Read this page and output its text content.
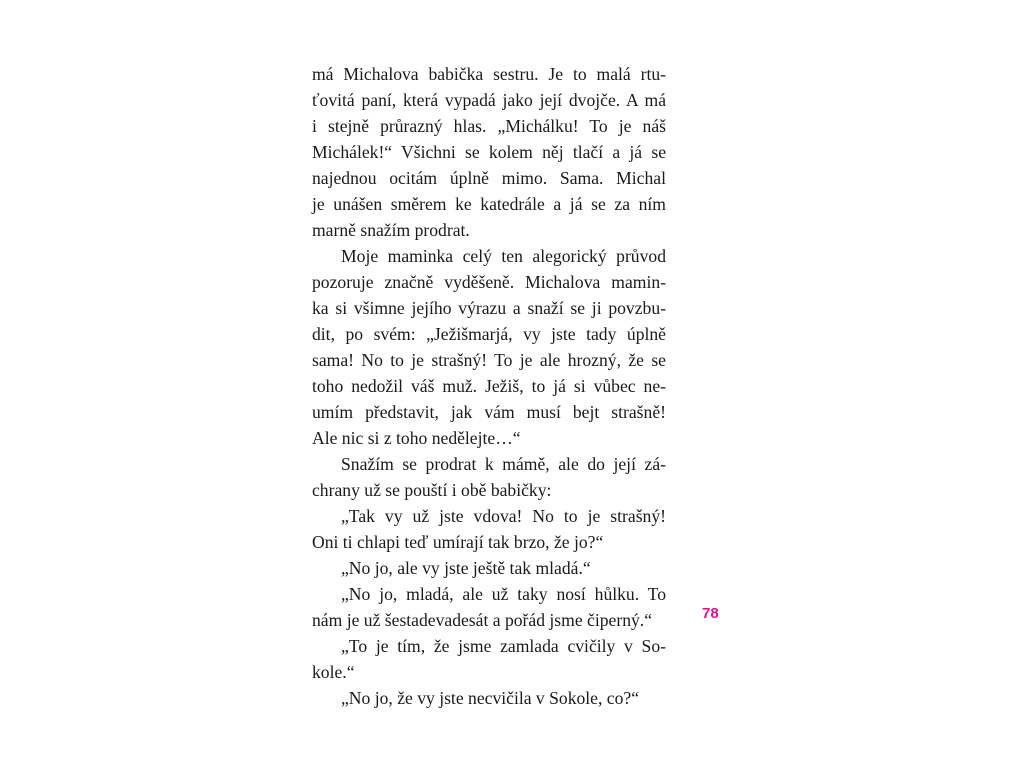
má Michalova babička sestru. Je to malá rtu-
ťovitá paní, která vypadá jako její dvojče. A má
i stejně průrazný hlas. „Michálku! To je náš
Michálek!“ Všichni se kolem něj tlačí a já se
najednou ocitám úplně mimo. Sama. Michal
je unášen směrem ke katedrále a já se za ním
marně snažím prodrat.
Moje maminka celý ten alegorický průvod
pozoruje značně vyděšeně. Michalova mamin-
ka si všimne jejího výrazu a snaží se ji povzbu-
dit, po svém: „Ježišmarjá, vy jste tady úplně
sama! No to je strašný! To je ale hrozný, že se
toho nedožil váš muž. Ježiš, to já si vůbec ne-
umím představit, jak vám musí bejt strašně!
Ale nic si z toho nedělejte…“
Snažím se prodrat k mámě, ale do její zá-
chrany už se pouští i obě babičky:
„Tak vy už jste vdova! No to je strašný!
Oni ti chlapi teď umírají tak brzo, že jo?“
„No jo, ale vy jste ještě tak mladá.“
„No jo, mladá, ale už taky nosí hůlku. To
nám je už šestadevadesát a pořád jsme čiperný.“
„To je tím, že jsme zamlada cvičily v So-
kole.“
„No jo, že vy jste necvičila v Sokole, co?“
78
